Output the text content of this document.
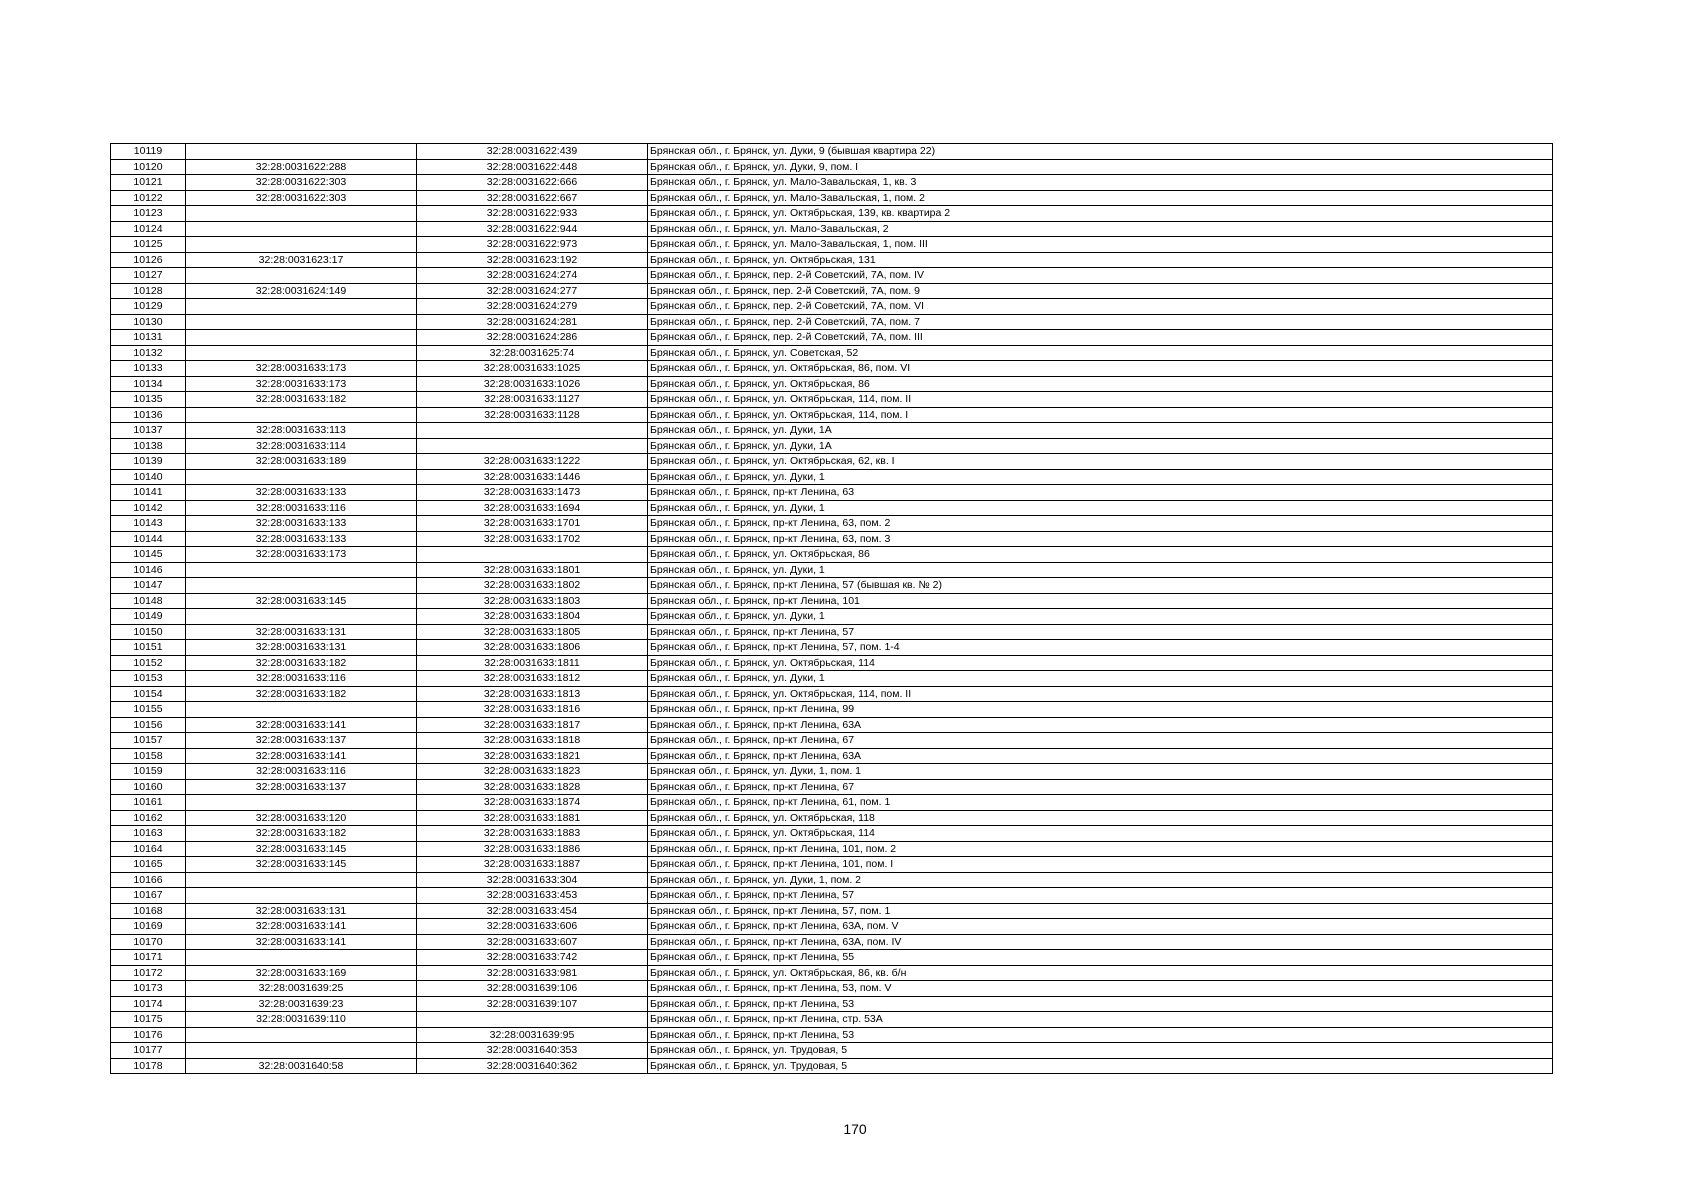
10119		32:28:0031622:439	Брянская обл., г. Брянск, ул. Дуки, 9 (бывшая квартира 22)
10120	32:28:0031622:288	32:28:0031622:448	Брянская обл., г. Брянск, ул. Дуки, 9, пом. I
10121	32:28:0031622:303	32:28:0031622:666	Брянская обл., г. Брянск, ул. Мало-Завальская, 1, кв. 3
10122	32:28:0031622:303	32:28:0031622:667	Брянская обл., г. Брянск, ул. Мало-Завальская, 1, пом. 2
10123		32:28:0031622:933	Брянская обл., г. Брянск, ул. Октябрьская, 139, кв. квартира 2
10124		32:28:0031622:944	Брянская обл., г. Брянск, ул. Мало-Завальская, 2
10125		32:28:0031622:973	Брянская обл., г. Брянск, ул. Мало-Завальская, 1, пом. III
10126	32:28:0031623:17	32:28:0031623:192	Брянская обл., г. Брянск, ул. Октябрьская, 131
10127		32:28:0031624:274	Брянская обл., г. Брянск, пер. 2-й Советский, 7А, пом. IV
10128	32:28:0031624:149	32:28:0031624:277	Брянская обл., г. Брянск, пер. 2-й Советский, 7А, пом. 9
10129		32:28:0031624:279	Брянская обл., г. Брянск, пер. 2-й Советский, 7А, пом. VI
10130		32:28:0031624:281	Брянская обл., г. Брянск, пер. 2-й Советский, 7А, пом. 7
10131		32:28:0031624:286	Брянская обл., г. Брянск, пер. 2-й Советский, 7А, пом. III
10132		32:28:0031625:74	Брянская обл., г. Брянск, ул. Советская, 52
10133	32:28:0031633:173	32:28:0031633:1025	Брянская обл., г. Брянск, ул. Октябрьская, 86, пом. VI
10134	32:28:0031633:173	32:28:0031633:1026	Брянская обл., г. Брянск, ул. Октябрьская, 86
10135	32:28:0031633:182	32:28:0031633:1127	Брянская обл., г. Брянск, ул. Октябрьская, 114, пом. II
10136		32:28:0031633:1128	Брянская обл., г. Брянск, ул. Октябрьская, 114, пом. I
10137	32:28:0031633:113		Брянская обл., г. Брянск, ул. Дуки, 1А
10138	32:28:0031633:114		Брянская обл., г. Брянск, ул. Дуки, 1А
10139	32:28:0031633:189	32:28:0031633:1222	Брянская обл., г. Брянск, ул. Октябрьская, 62, кв. I
10140		32:28:0031633:1446	Брянская обл., г. Брянск, ул. Дуки, 1
10141	32:28:0031633:133	32:28:0031633:1473	Брянская обл., г. Брянск, пр-кт Ленина, 63
10142	32:28:0031633:116	32:28:0031633:1694	Брянская обл., г. Брянск, ул. Дуки, 1
10143	32:28:0031633:133	32:28:0031633:1701	Брянская обл., г. Брянск, пр-кт Ленина, 63, пом. 2
10144	32:28:0031633:133	32:28:0031633:1702	Брянская обл., г. Брянск, пр-кт Ленина, 63, пом. 3
10145	32:28:0031633:173		Брянская обл., г. Брянск, ул. Октябрьская, 86
10146		32:28:0031633:1801	Брянская обл., г. Брянск, ул. Дуки, 1
10147		32:28:0031633:1802	Брянская обл., г. Брянск, пр-кт Ленина, 57 (бывшая кв. № 2)
10148	32:28:0031633:145	32:28:0031633:1803	Брянская обл., г. Брянск, пр-кт Ленина, 101
10149		32:28:0031633:1804	Брянская обл., г. Брянск, ул. Дуки, 1
10150	32:28:0031633:131	32:28:0031633:1805	Брянская обл., г. Брянск, пр-кт Ленина, 57
10151	32:28:0031633:131	32:28:0031633:1806	Брянская обл., г. Брянск, пр-кт Ленина, 57, пом. 1-4
10152	32:28:0031633:182	32:28:0031633:1811	Брянская обл., г. Брянск, ул. Октябрьская, 114
10153	32:28:0031633:116	32:28:0031633:1812	Брянская обл., г. Брянск, ул. Дуки, 1
10154	32:28:0031633:182	32:28:0031633:1813	Брянская обл., г. Брянск, ул. Октябрьская, 114, пом. II
10155		32:28:0031633:1816	Брянская обл., г. Брянск, пр-кт Ленина, 99
10156	32:28:0031633:141	32:28:0031633:1817	Брянская обл., г. Брянск, пр-кт Ленина, 63А
10157	32:28:0031633:137	32:28:0031633:1818	Брянская обл., г. Брянск, пр-кт Ленина, 67
10158	32:28:0031633:141	32:28:0031633:1821	Брянская обл., г. Брянск, пр-кт Ленина, 63А
10159	32:28:0031633:116	32:28:0031633:1823	Брянская обл., г. Брянск, ул. Дуки, 1, пом. 1
10160	32:28:0031633:137	32:28:0031633:1828	Брянская обл., г. Брянск, пр-кт Ленина, 67
10161		32:28:0031633:1874	Брянская обл., г. Брянск, пр-кт Ленина, 61, пом. 1
10162	32:28:0031633:120	32:28:0031633:1881	Брянская обл., г. Брянск, ул. Октябрьская, 118
10163	32:28:0031633:182	32:28:0031633:1883	Брянская обл., г. Брянск, ул. Октябрьская, 114
10164	32:28:0031633:145	32:28:0031633:1886	Брянская обл., г. Брянск, пр-кт Ленина, 101, пом. 2
10165	32:28:0031633:145	32:28:0031633:1887	Брянская обл., г. Брянск, пр-кт Ленина, 101, пом. I
10166		32:28:0031633:304	Брянская обл., г. Брянск, ул. Дуки, 1, пом. 2
10167		32:28:0031633:453	Брянская обл., г. Брянск, пр-кт Ленина, 57
10168	32:28:0031633:131	32:28:0031633:454	Брянская обл., г. Брянск, пр-кт Ленина, 57, пом. 1
10169	32:28:0031633:141	32:28:0031633:606	Брянская обл., г. Брянск, пр-кт Ленина, 63А, пом. V
10170	32:28:0031633:141	32:28:0031633:607	Брянская обл., г. Брянск, пр-кт Ленина, 63А, пом. IV
10171		32:28:0031633:742	Брянская обл., г. Брянск, пр-кт Ленина, 55
10172	32:28:0031633:169	32:28:0031633:981	Брянская обл., г. Брянск, ул. Октябрьская, 86, кв. б/н
10173	32:28:0031639:25	32:28:0031639:106	Брянская обл., г. Брянск, пр-кт Ленина, 53, пом. V
10174	32:28:0031639:23	32:28:0031639:107	Брянская обл., г. Брянск, пр-кт Ленина, 53
10175	32:28:0031639:110		Брянская обл., г. Брянск, пр-кт Ленина, стр. 53А
10176		32:28:0031639:95	Брянская обл., г. Брянск, пр-кт Ленина, 53
10177		32:28:0031640:353	Брянская обл., г. Брянск, ул. Трудовая, 5
10178	32:28:0031640:58	32:28:0031640:362	Брянская обл., г. Брянск, ул. Трудовая, 5
170
